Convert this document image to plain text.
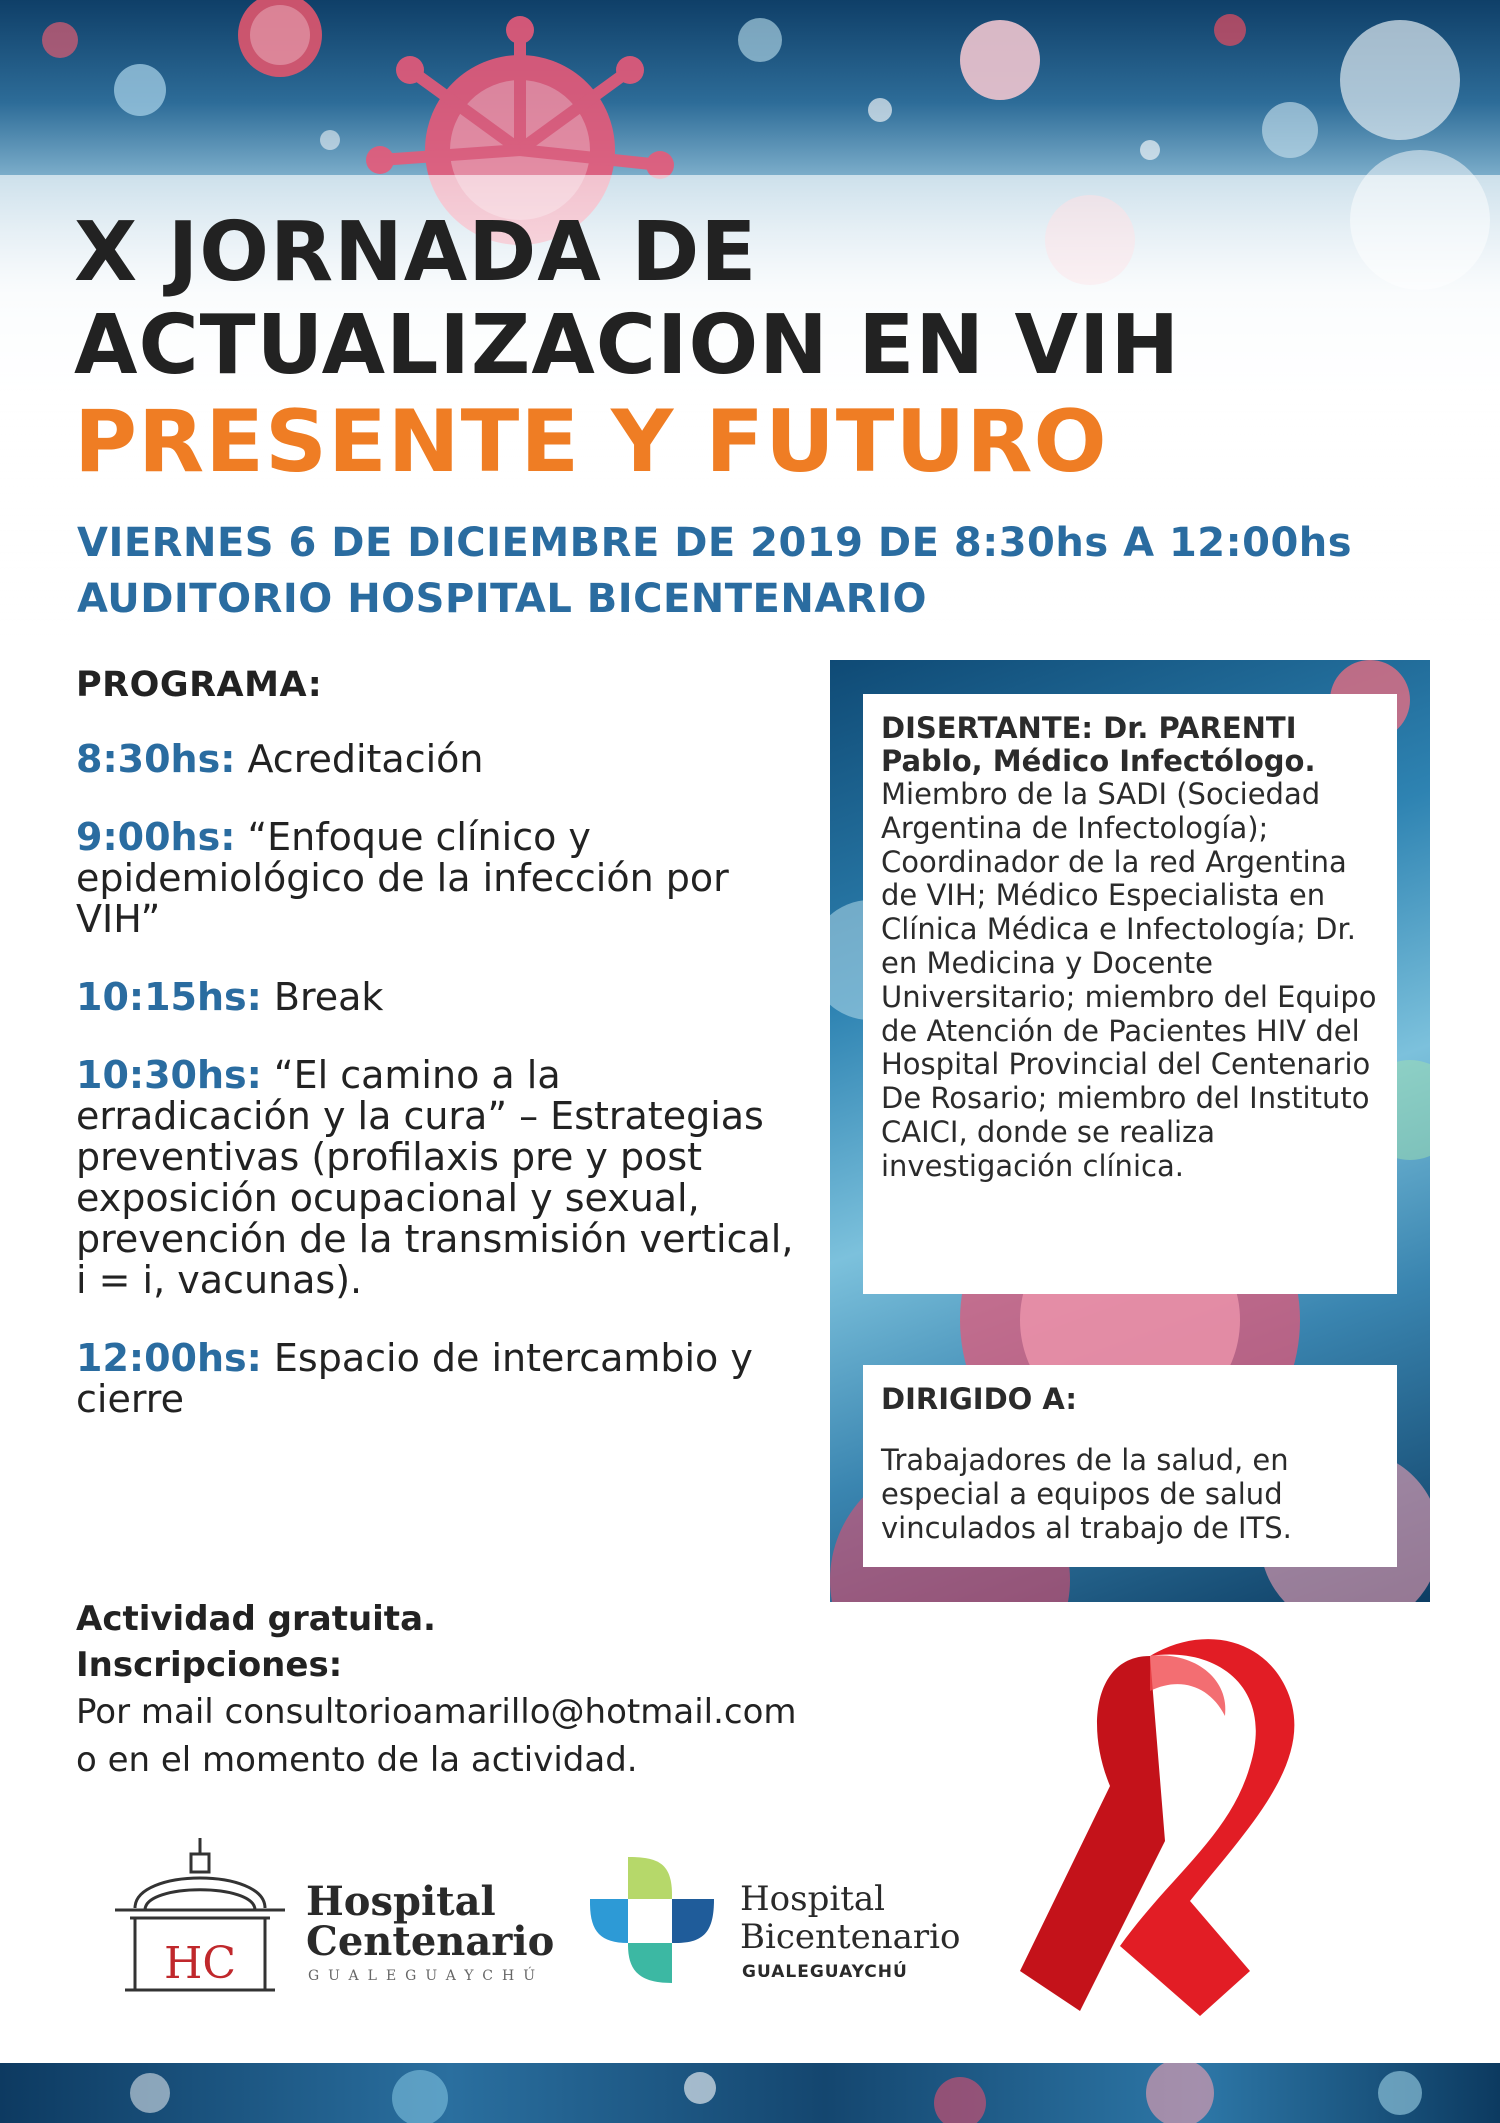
X JORNADA DE
ACTUALIZACION EN VIH
PRESENTE Y FUTURO

VIERNES 6 DE DICIEMBRE DE 2019 DE 8:30hs A 12:00hs

AUDITORIO HOSPITAL BICENTENARIO

PROGRAMA:

8:30hs: Acreditación

9:00hs: “Enfoque clínico y epidemiológico de la infección por VIH”

10:15hs: Break

10:30hs: “El camino a la erradicación y la cura” – Estrategias preventivas (profilaxis pre y post exposición ocupacional y sexual, prevención de la transmisión vertical, i = i, vacunas).

12:00hs: Espacio de intercambio y cierre

Actividad gratuita.
Inscripciones:
Por mail consultorioamarillo@hotmail.com
o en el momento de la actividad.

DISERTANTE: Dr. PARENTI Pablo, Médico Infectólogo.

Miembro de la SADI (Sociedad Argentina de Infectología); Coordinador de la red Argentina de VIH; Médico Especialista en Clínica Médica e Infectología; Dr. en Medicina y Docente Universitario; miembro del Equipo de Atención de Pacientes HIV del Hospital Provincial del Centenario De Rosario; miembro del Instituto CAICI, donde se realiza investigación clínica.

DIRIGIDO A:

Trabajadores de la salud, en especial a equipos de salud vinculados al trabajo de ITS.

HC
Hospital
Centenario
GUALEGUAYCHÚ
Hospital
Bicentenario
GUALEGUAYCHÚ
